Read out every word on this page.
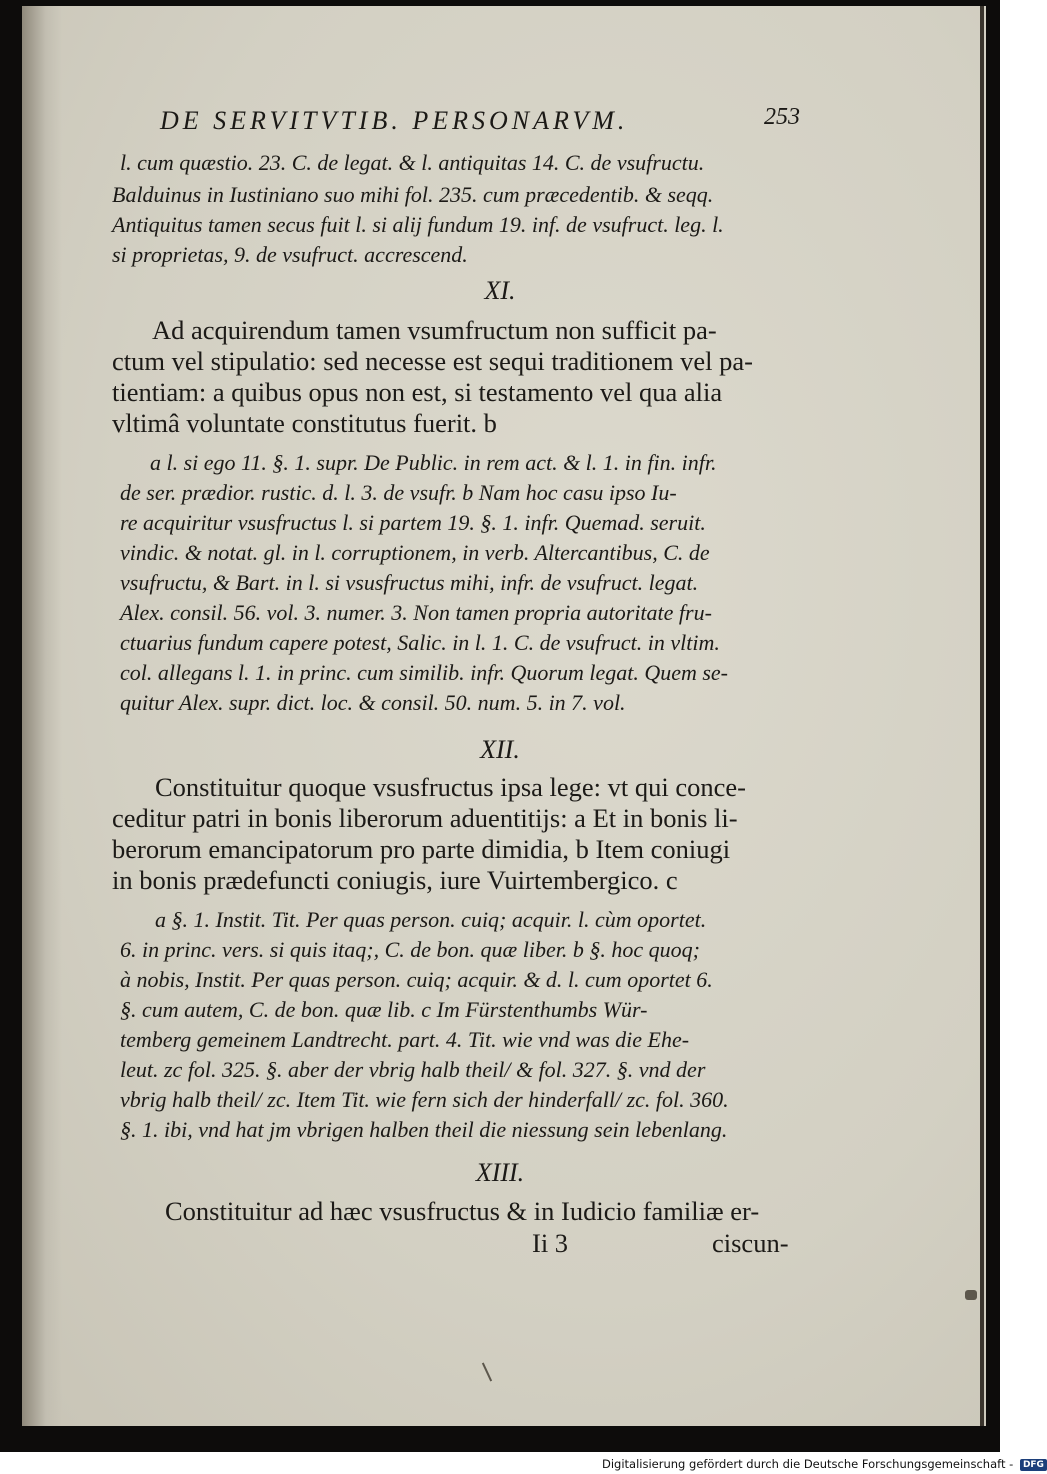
DE SERVITVTIB. PERSONARVM.	253
l. cum quæstio. 23. C. de legat. & l. antiquitas 14. C. de vsufructu.
Balduinus in Iustiniano suo mihi fol. 235. cum præcedentib. & seqq.
Antiquitus tamen secus fuit l. si alij fundum 19. inf. de vsufruct. leg. l.
si proprietas, 9. de vsufruct. accrescend.
XI.
Ad acquirendum tamen vsumfructum non sufficit pa-
ctum vel stipulatio: sed necesse est sequi traditionem vel pa-
tientiam: a quibus opus non est, si testamento vel qua alia
vltimâ voluntate constitutus fuerit. b
a l. si ego 11. §. 1. supr. De Public. in rem act. & l. 1. in fin. infr.
de ser. prædior. rustic. d. l. 3. de vsufr. b Nam hoc casu ipso Iu-
re acquiritur vsusfructus l. si partem 19. §. 1. infr. Quemad. seruit.
vindic. & notat. gl. in l. corruptionem, in verb. Altercantibus, C. de
vsufructu, & Bart. in l. si vsusfructus mihi, infr. de vsufruct. legat.
Alex. consil. 56. vol. 3. numer. 3. Non tamen propria autoritate fru-
ctuarius fundum capere potest, Salic. in l. 1. C. de vsufruct. in vltim.
col. allegans l. 1. in princ. cum similib. infr. Quorum legat. Quem se-
quitur Alex. supr. dict. loc. & consil. 50. num. 5. in 7. vol.
XII.
Constituitur quoque vsusfructus ipsa lege: vt qui conce-
ceditur patri in bonis liberorum aduentitijs: a Et in bonis li-
berorum emancipatorum pro parte dimidia, b Item coniugi
in bonis prædefuncti coniugis, iure Vuirtembergico. c
a §. 1. Instit. Tit. Per quas person. cuiq; acquir. l. cùm oportet.
6. in princ. vers. si quis itaq;, C. de bon. quæ liber. b §. hoc quoq;
à nobis, Instit. Per quas person. cuiq; acquir. & d. l. cum oportet 6.
§. cum autem, C. de bon. quæ lib. c Im Fürstenthumbs Wür-
temberg gemeinem Landtrecht. part. 4. Tit. wie vnd was die Ehe-
leut. zc fol. 325. §. aber der vbrig halb theil/ & fol. 327. §. vnd der
vbrig halb theil/ zc. Item Tit. wie fern sich der hinderfall/ zc. fol. 360.
§. 1. ibi, vnd hat jm vbrigen halben theil die niessung sein lebenlang.
XIII.
Constituitur ad hæc vsusfructus & in Iudicio familiæ er-
Ii 3	ciscun-
Digitalisierung gefördert durch die Deutsche Forschungsgemeinschaft - DFG
